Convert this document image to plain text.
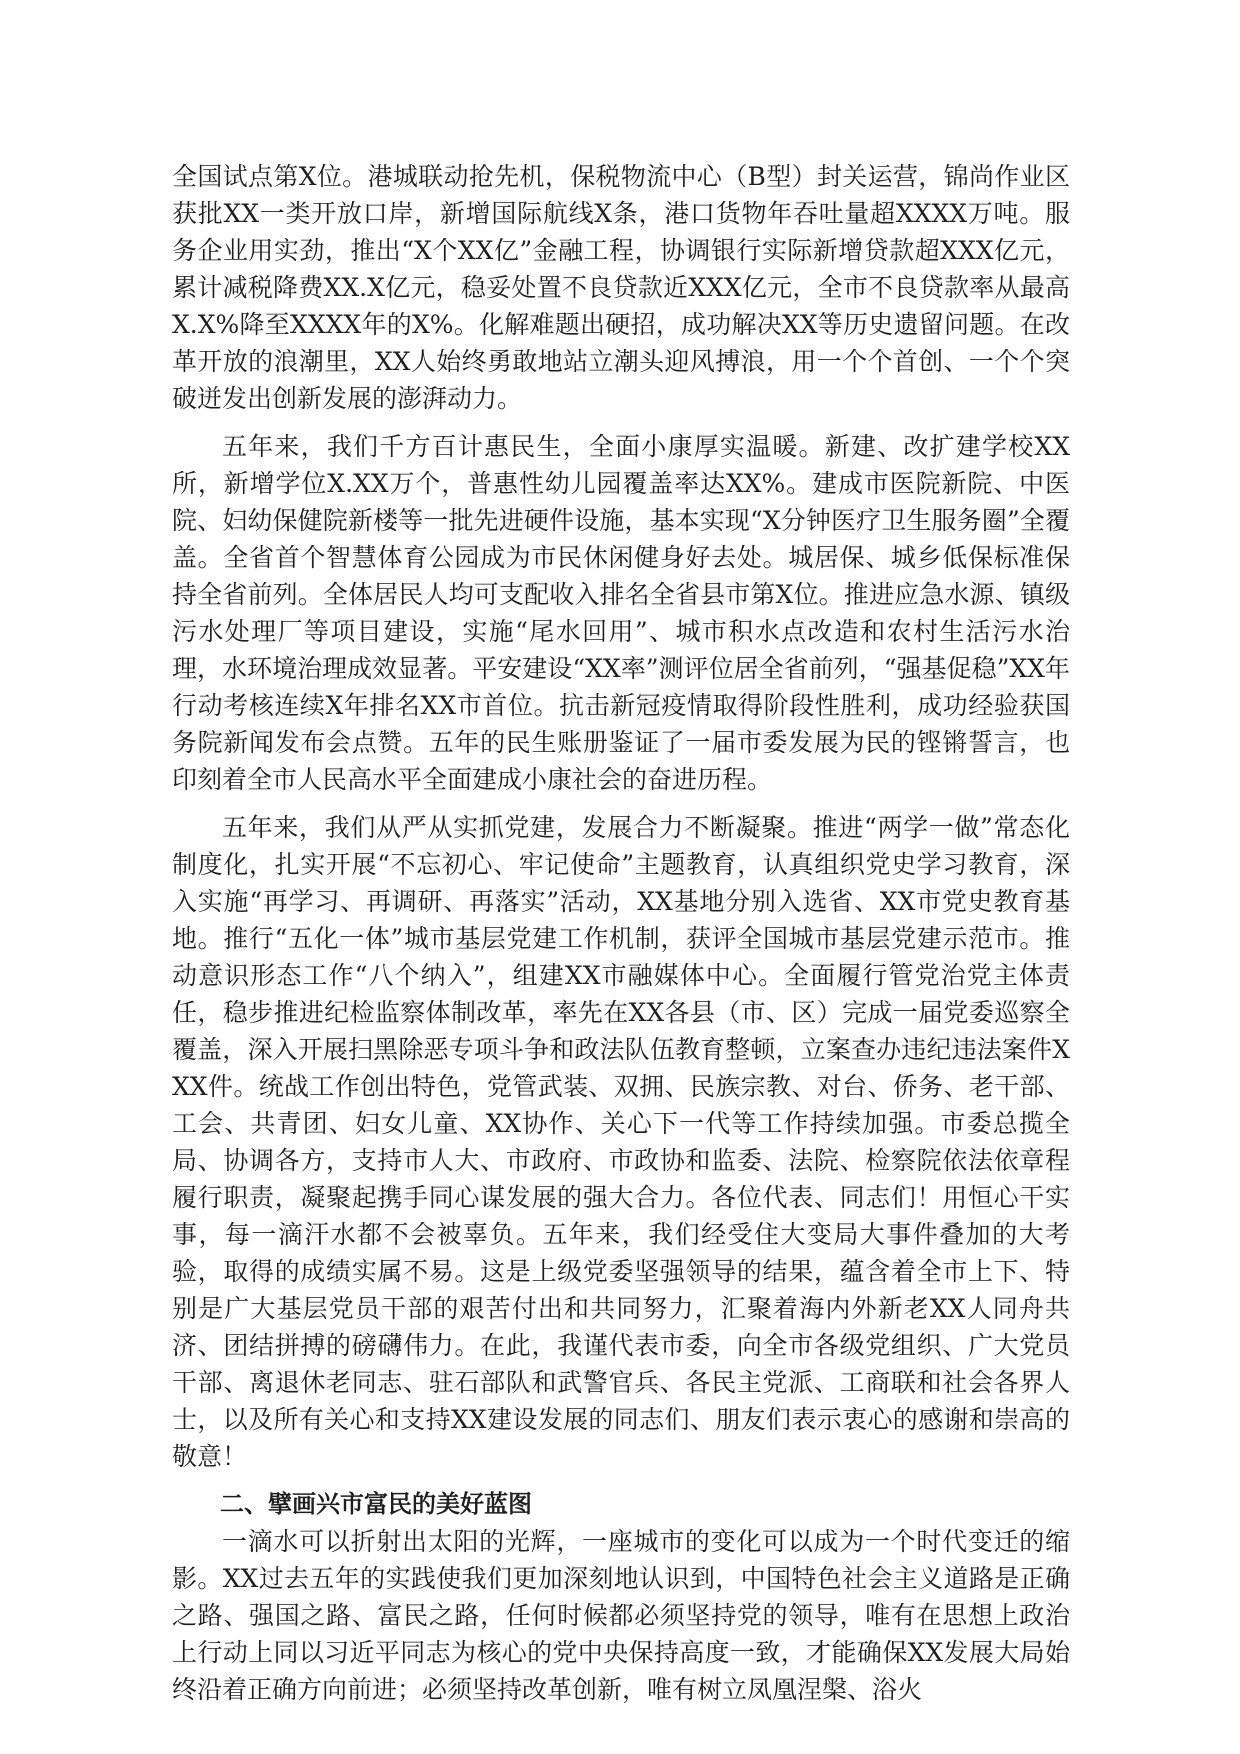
全国试点第X位。港城联动抢先机，保税物流中心（B型）封关运营，锦尚作业区获批XX一类开放口岸，新增国际航线X条，港口货物年吞吐量超XXXX万吨。服务企业用实劲，推出“X个XX亿”金融工程，协调银行实际新增贷款超XXX亿元，累计减税降费XX.X亿元，稳妥处置不良贷款近XXX亿元，全市不良贷款率从最高X.X%降至XXXX年的X%。化解难题出硬招，成功解决XX等历史遗留问题。在改革开放的浪潮里，XX人始终勇敢地站立潮头迎风搏浪，用一个个首创、一个个突破迸发出创新发展的澎湃动力。

五年来，我们千方百计惠民生，全面小康厚实温暖。新建、改扩建学校XX所，新增学位X.XX万个，普惠性幼儿园覆盖率达XX%。建成市医院新院、中医院、妇幼保健院新楼等一批先进硬件设施，基本实现“X分钟医疗卫生服务圈”全覆盖。全省首个智慧体育公园成为市民休闲健身好去处。城居保、城乡低保标准保持全省前列。全体居民人均可支配收入排名全省县市第X位。推进应急水源、镇级污水处理厂等项目建设，实施“尾水回用”、城市积水点改造和农村生活污水治理，水环境治理成效显著。平安建设“XX率”测评位居全省前列，“强基促稳”XX年行动考核连续X年排名XX市首位。抗击新冠疫情取得阶段性胜利，成功经验获国务院新闻发布会点赞。五年的民生账册鉴证了一届市委发展为民的铿锵誓言，也印刻着全市人民高水平全面建成小康社会的奋进历程。

五年来，我们从严从实抓党建，发展合力不断凝聚。推进“两学一做”常态化制度化，扎实开展“不忘初心、牢记使命”主题教育，认真组织党史学习教育，深入实施“再学习、再调研、再落实”活动，XX基地分别入选省、XX市党史教育基地。推行“五化一体”城市基层党建工作机制，获评全国城市基层党建示范市。推动意识形态工作“八个纳入”，组建XX市融媒体中心。全面履行管党治党主体责任，稳步推进纪检监察体制改革，率先在XX各县（市、区）完成一届党委巡察全覆盖，深入开展扫黑除恶专项斗争和政法队伍教育整顿，立案查办违纪违法案件XXX件。统战工作创出特色，党管武装、双拥、民族宗教、对台、侨务、老干部、工会、共青团、妇女儿童、XX协作、关心下一代等工作持续加强。市委总揽全局、协调各方，支持市人大、市政府、市政协和监委、法院、检察院依法依章程履行职责，凝聚起携手同心谋发展的强大合力。各位代表、同志们！用恒心干实事，每一滴汗水都不会被辜负。五年来，我们经受住大变局大事件叠加的大考验，取得的成绩实属不易。这是上级党委坚强领导的结果，蕴含着全市上下、特别是广大基层党员干部的艰苦付出和共同努力，汇聚着海内外新老XX人同舟共济、团结拼搏的磅礴伟力。在此，我谨代表市委，向全市各级党组织、广大党员干部、离退休老同志、驻石部队和武警官兵、各民主党派、工商联和社会各界人士，以及所有关心和支持XX建设发展的同志们、朋友们表示衷心的感谢和崇高的敬意！

二、擘画兴市富民的美好蓝图

一滴水可以折射出太阳的光辉，一座城市的变化可以成为一个时代变迁的缩影。XX过去五年的实践使我们更加深刻地认识到，中国特色社会主义道路是正确之路、强国之路、富民之路，任何时候都必须坚持党的领导，唯有在思想上政治上行动上同以习近平同志为核心的党中央保持高度一致，才能确保XX发展大局始终沿着正确方向前进；必须坚持改革创新，唯有树立凤凰涅槃、浴火
